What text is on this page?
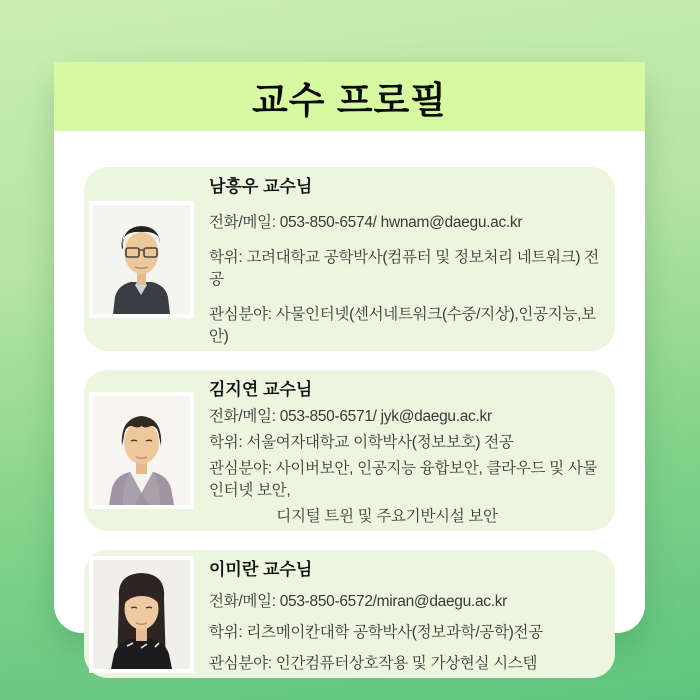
교수 프로필
남흥우 교수님
전화/메일: 053-850-6574/ hwnam@daegu.ac.kr
학위: 고려대학교 공학박사(컴퓨터 및 정보처리 네트워크) 전공
관심분야: 사물인터넷(센서네트워크(수중/지상),인공지능,보안)
김지연 교수님
전화/메일: 053-850-6571/ jyk@daegu.ac.kr
학위: 서울여자대학교 이학박사(정보보호) 전공
관심분야: 사이버보안, 인공지능 융합보안, 클라우드 및 사물인터넷 보안,
디지털 트윈 및 주요기반시설 보안
이미란 교수님
전화/메일: 053-850-6572/miran@daegu.ac.kr
학위: 리츠메이칸대학 공학박사(정보과학/공학)전공
관심분야: 인간컴퓨터상호작용 및 가상현실 시스템
